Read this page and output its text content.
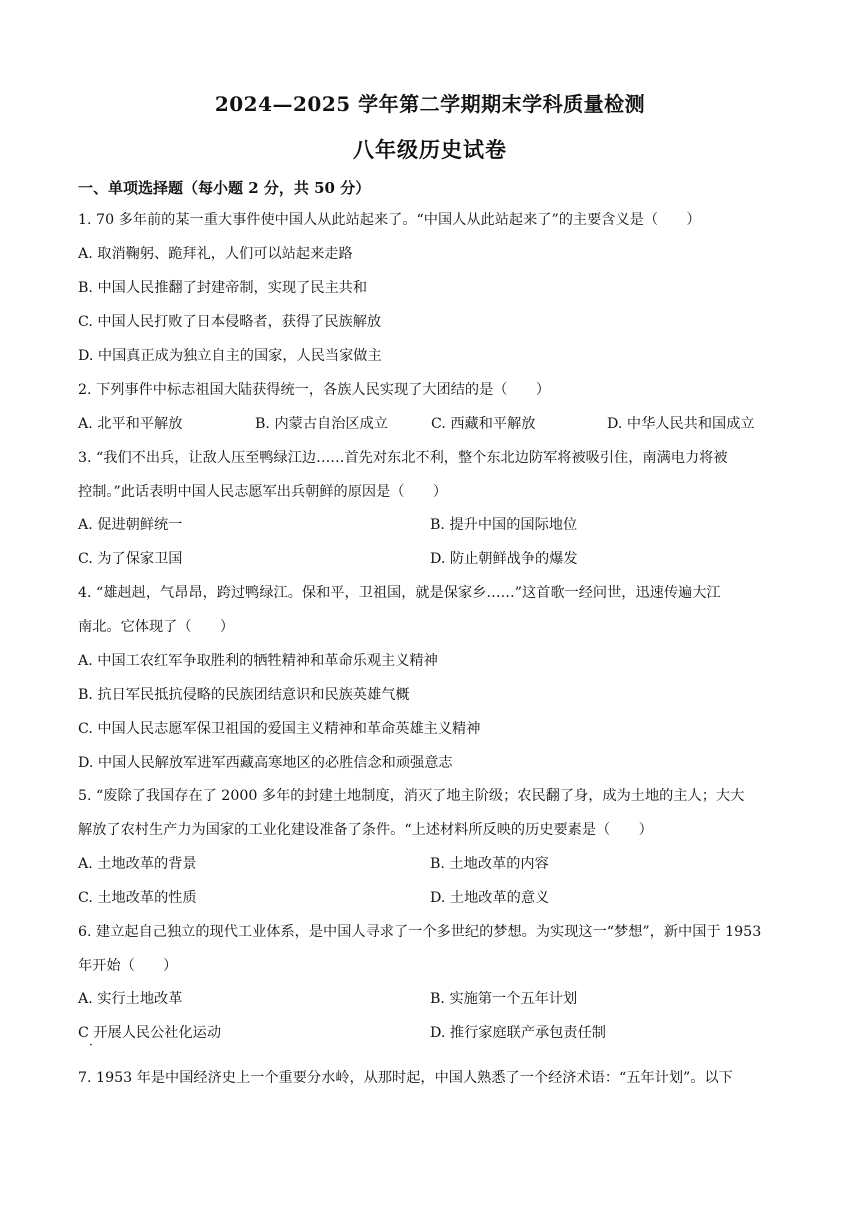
2024—2025 学年第二学期期末学科质量检测
八年级历史试卷
一、单项选择题（每小题 2 分，共 50 分）
1. 70 多年前的某一重大事件使中国人从此站起来了。“中国人从此站起来了”的主要含义是（　　）
A. 取消鞠躬、跪拜礼，人们可以站起来走路
B. 中国人民推翻了封建帝制，实现了民主共和
C. 中国人民打败了日本侵略者，获得了民族解放
D. 中国真正成为独立自主的国家，人民当家做主
2. 下列事件中标志祖国大陆获得统一，各族人民实现了大团结的是（　　）
A. 北平和平解放	B. 内蒙古自治区成立	C. 西藏和平解放	D. 中华人民共和国成立
3. “我们不出兵，让敌人压至鸭绿江边……首先对东北不利，整个东北边防军将被吸引住，南满电力将被
控制。”此话表明中国人民志愿军出兵朝鲜的原因是（　　）
A. 促进朝鲜统一	B. 提升中国的国际地位
C. 为了保家卫国	D. 防止朝鲜战争的爆发
4. “雄赳赳，气昂昂，跨过鸭绿江。保和平，卫祖国，就是保家乡……”这首歌一经问世，迅速传遍大江
南北。它体现了（　　）
A. 中国工农红军争取胜利的牺牲精神和革命乐观主义精神
B. 抗日军民抵抗侵略的民族团结意识和民族英雄气概
C. 中国人民志愿军保卫祖国的爱国主义精神和革命英雄主义精神
D. 中国人民解放军进军西藏高寒地区的必胜信念和顽强意志
5. “废除了我国存在了 2000 多年的封建土地制度，消灭了地主阶级；农民翻了身，成为土地的主人；大大
解放了农村生产力为国家的工业化建设准备了条件。“上述材料所反映的历史要素是（　　）
A. 土地改革的背景	B. 土地改革的内容
C. 土地改革的性质	D. 土地改革的意义
6. 建立起自己独立的现代工业体系，是中国人寻求了一个多世纪的梦想。为实现这一“梦想”，新中国于 1953
年开始（　　）
A. 实行土地改革	B. 实施第一个五年计划
C 开展人民公社化运动	D. 推行家庭联产承包责任制
·
7. 1953 年是中国经济史上一个重要分水岭，从那时起，中国人熟悉了一个经济术语：“五年计划”。以下
